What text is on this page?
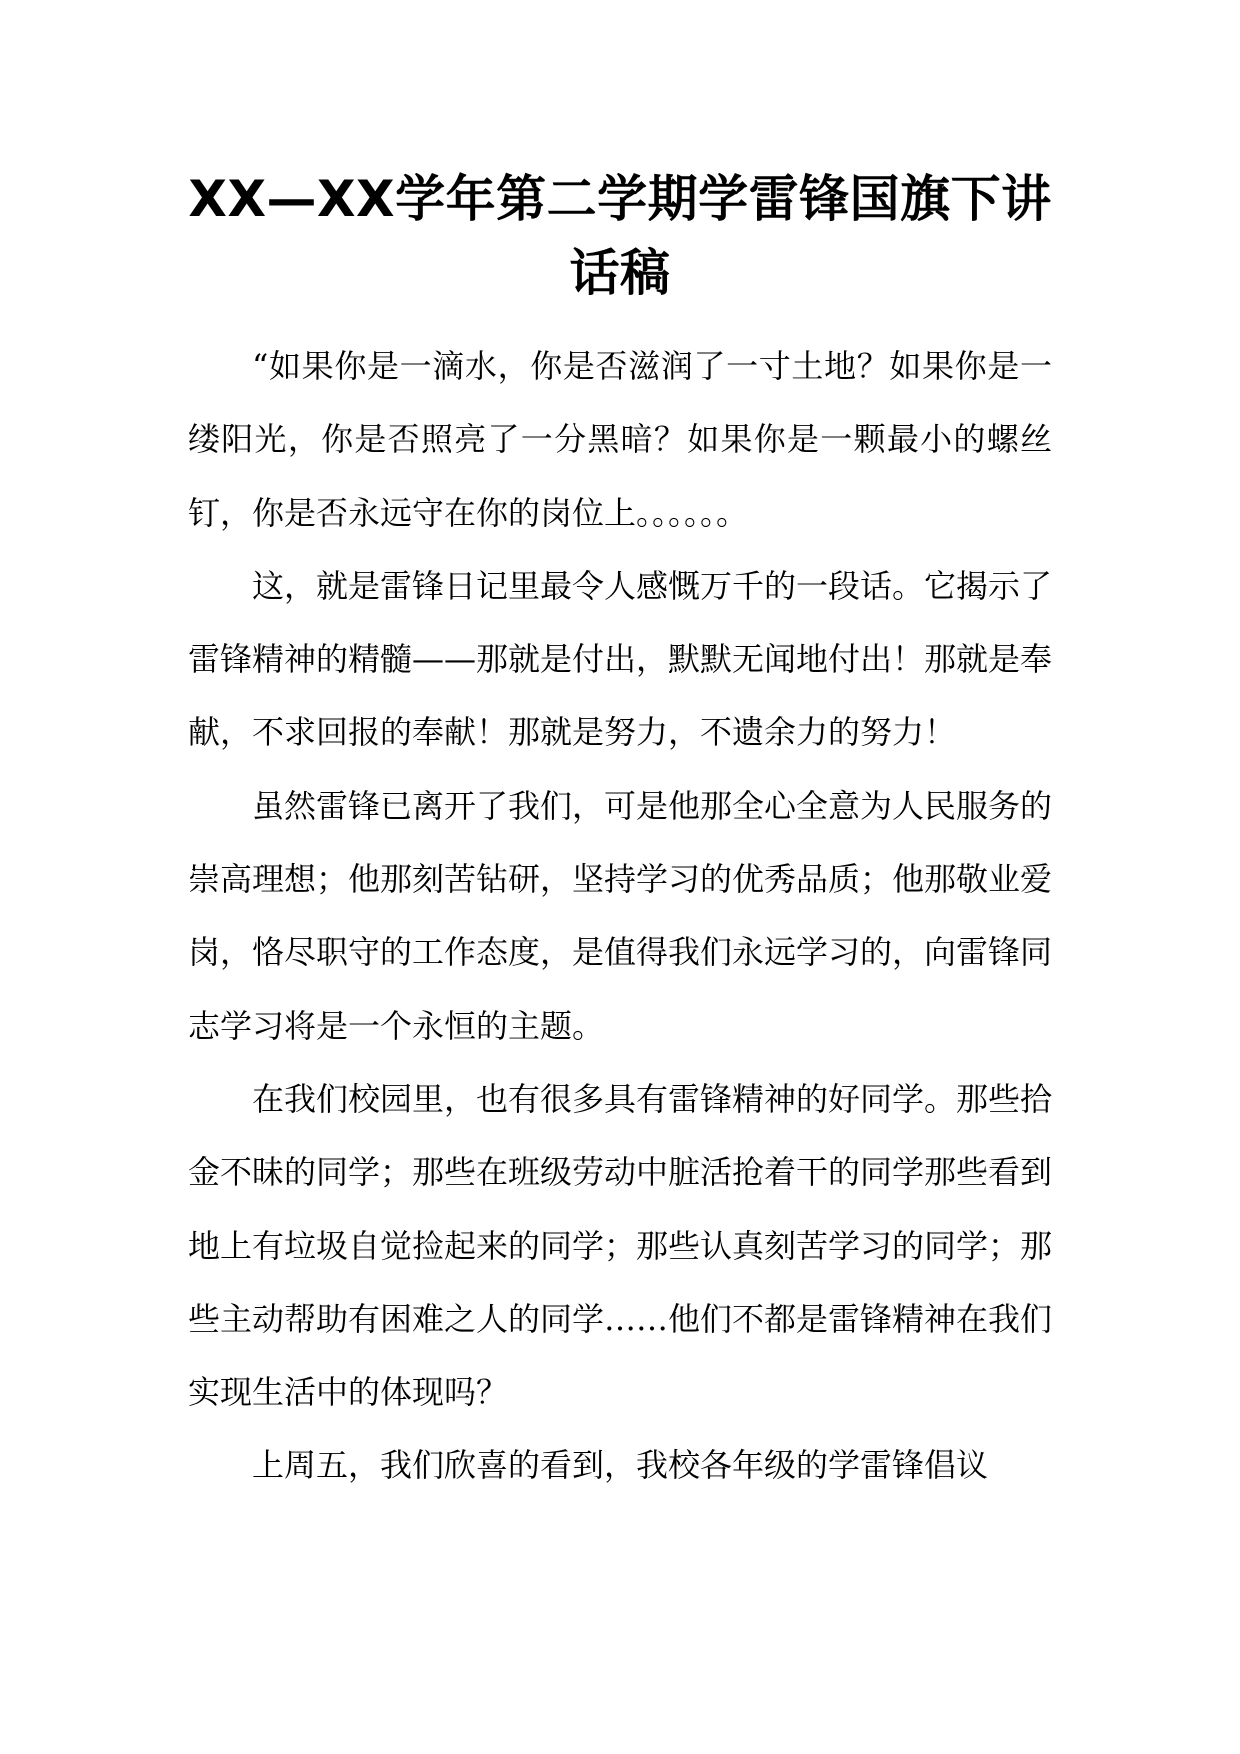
XX—XX学年第二学期学雷锋国旗下讲话稿

“如果你是一滴水，你是否滋润了一寸土地？如果你是一缕阳光，你是否照亮了一分黑暗？如果你是一颗最小的螺丝钉，你是否永远守在你的岗位上。。。。。。

这，就是雷锋日记里最令人感慨万千的一段话。它揭示了雷锋精神的精髓——那就是付出，默默无闻地付出！那就是奉献，不求回报的奉献！那就是努力，不遗余力的努力！

虽然雷锋已离开了我们，可是他那全心全意为人民服务的崇高理想；他那刻苦钻研，坚持学习的优秀品质；他那敬业爱岗，恪尽职守的工作态度，是值得我们永远学习的，向雷锋同志学习将是一个永恒的主题。

在我们校园里，也有很多具有雷锋精神的好同学。那些拾金不昧的同学；那些在班级劳动中脏活抢着干的同学那些看到地上有垃圾自觉捡起来的同学；那些认真刻苦学习的同学；那些主动帮助有困难之人的同学……他们不都是雷锋精神在我们实现生活中的体现吗？

上周五，我们欣喜的看到，我校各年级的学雷锋倡议
